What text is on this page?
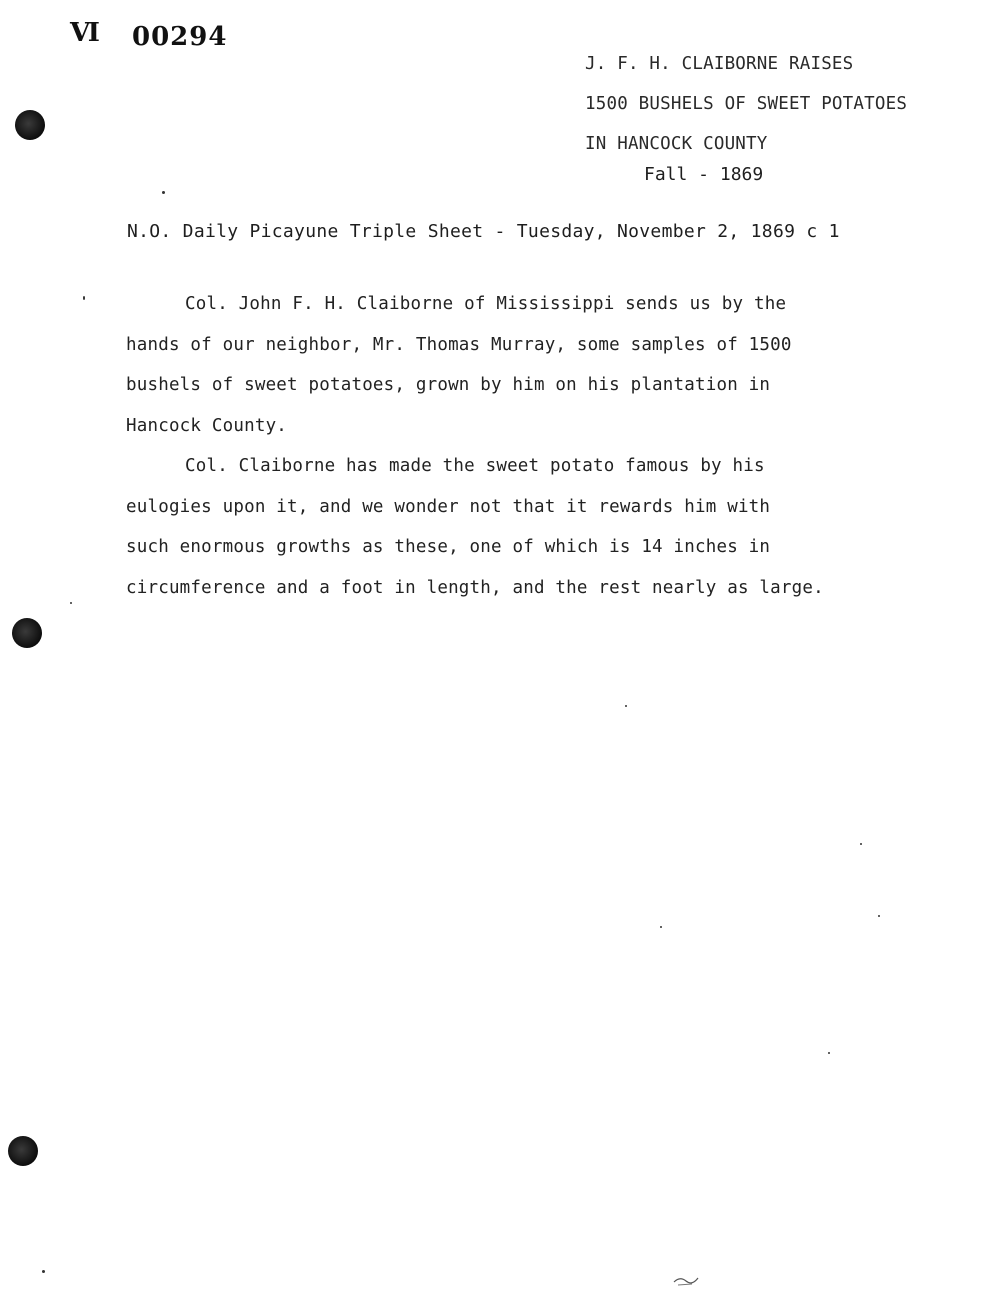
Ⅵ 00294
J. F. H. CLAIBORNE RAISES
1500 BUSHELS OF SWEET POTATOES
IN HANCOCK COUNTY
Fall - 1869
N.O. Daily Picayune Triple Sheet - Tuesday, November 2, 1869 c 1
Col. John F. H. Claiborne of Mississippi sends us by the
hands of our neighbor, Mr. Thomas Murray, some samples of 1500
bushels of sweet potatoes, grown by him on his plantation in
Hancock County.
Col. Claiborne has made the sweet potato famous by his
eulogies upon it, and we wonder not that it rewards him with
such enormous growths as these, one of which is 14 inches in
circumference and a foot in length, and the rest nearly as large.
